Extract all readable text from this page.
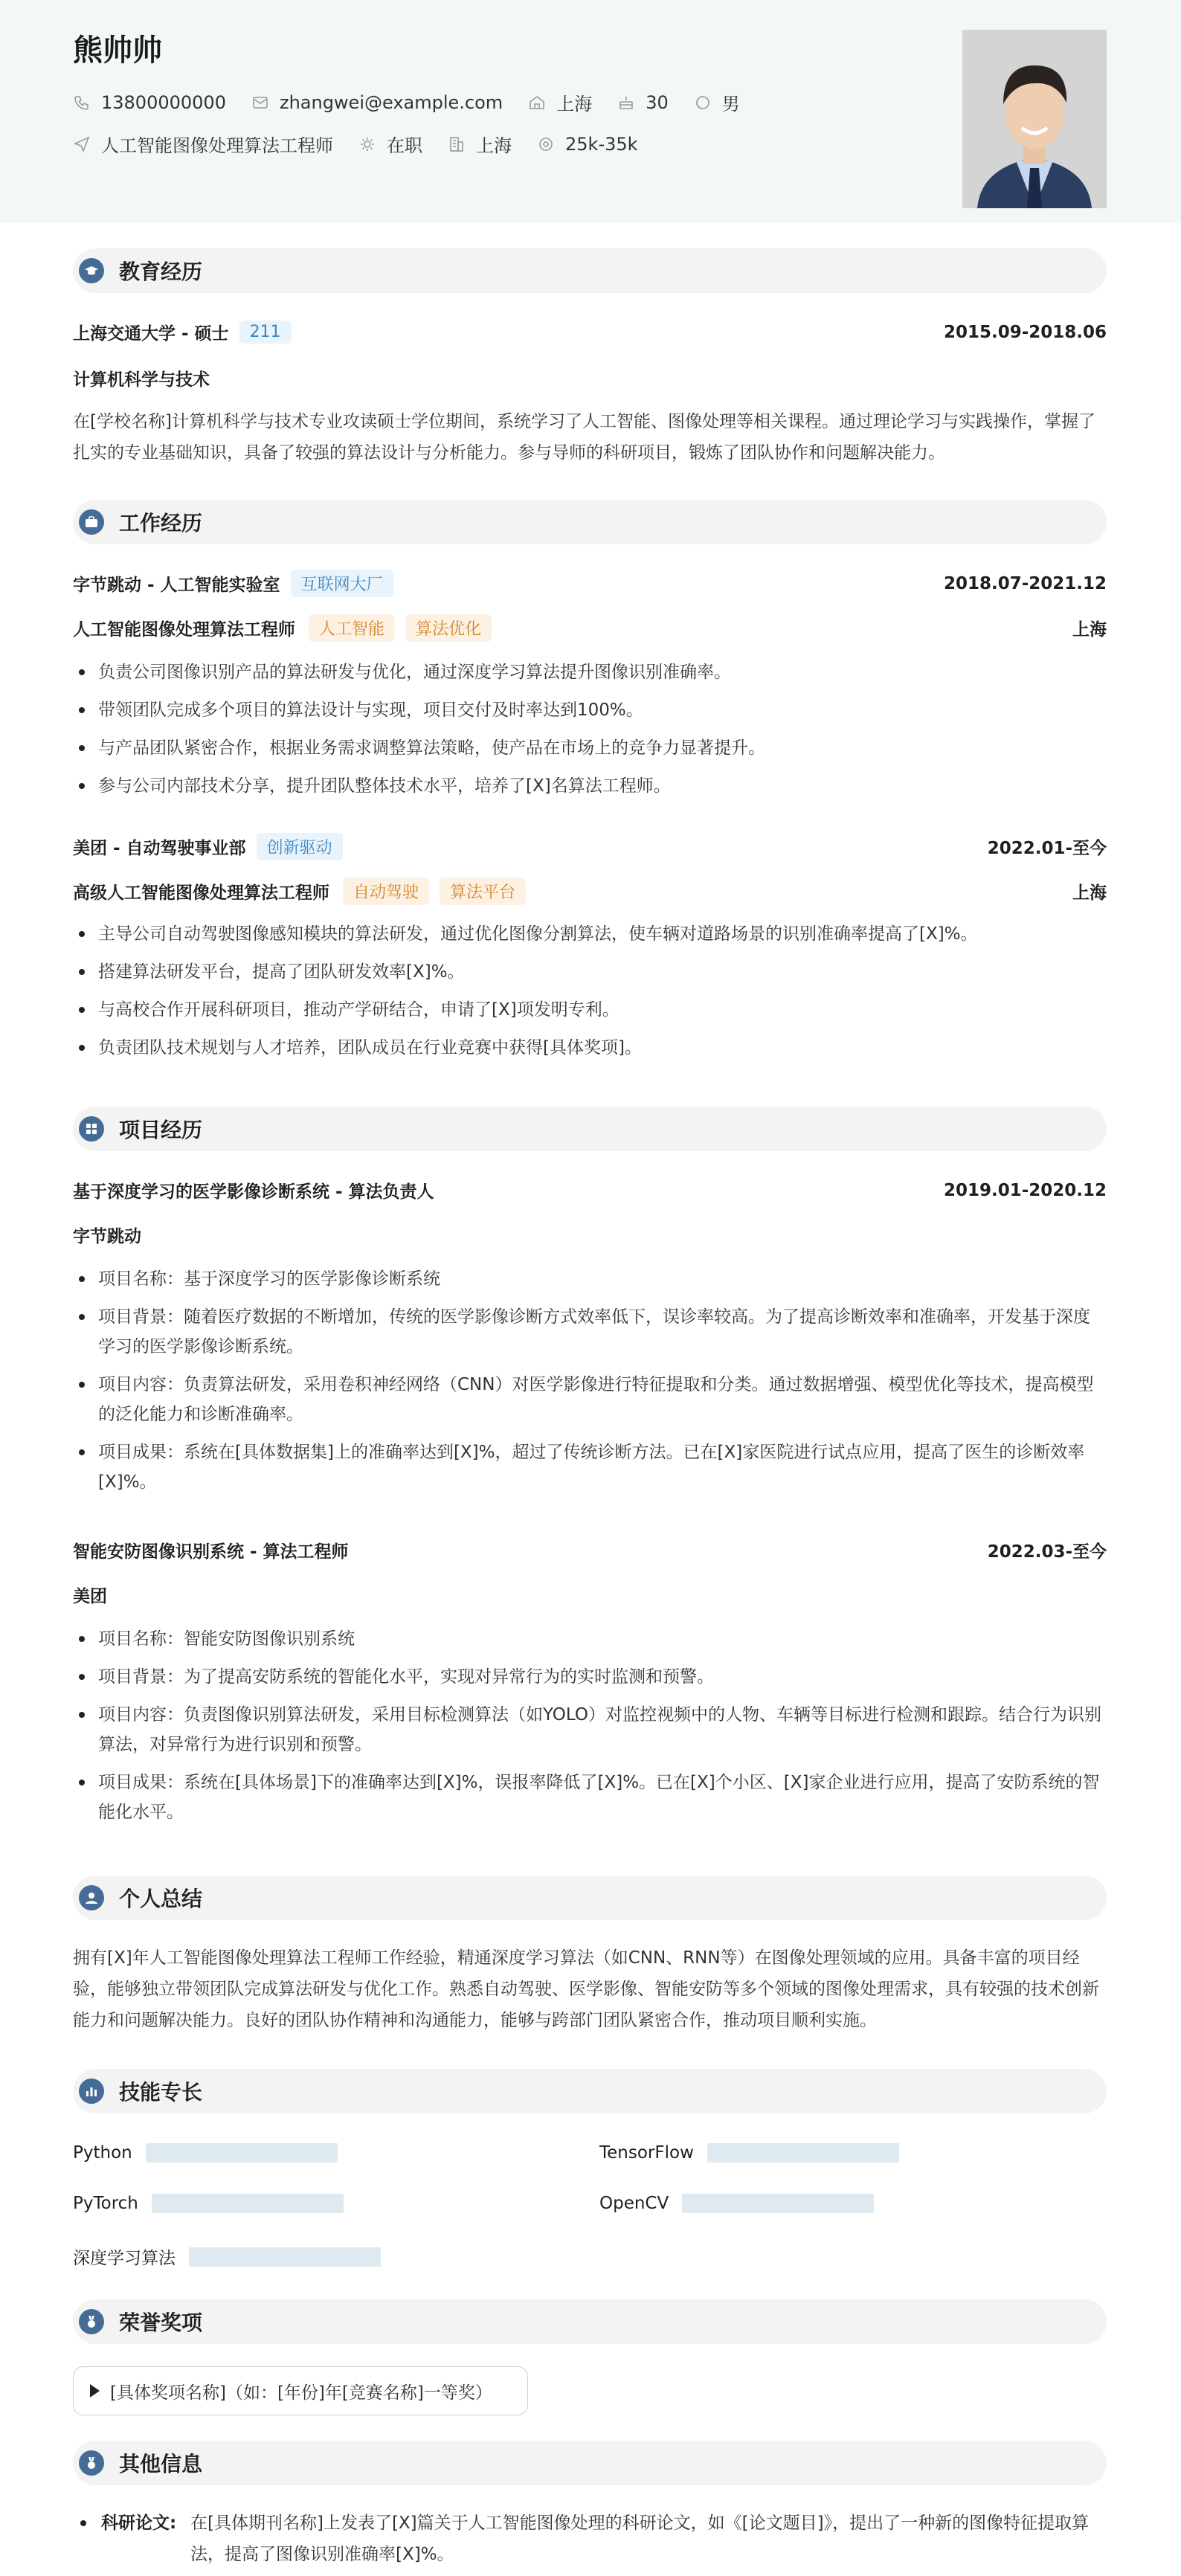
熊帅帅
13800000000	zhangwei@example.com	上海	30	男
人工智能图像处理算法工程师	在职	上海	25k-35k
教育经历
上海交通大学 - 硕士	211	2015.09-2018.06
计算机科学与技术
在[学校名称]计算机科学与技术专业攻读硕士学位期间，系统学习了人工智能、图像处理等相关课程。通过理论学习与实践操作，掌握了扎实的专业基础知识，具备了较强的算法设计与分析能力。参与导师的科研项目，锻炼了团队协作和问题解决能力。
工作经历
字节跳动 - 人工智能实验室	互联网大厂	2018.07-2021.12
人工智能图像处理算法工程师	人工智能	算法优化	上海
负责公司图像识别产品的算法研发与优化，通过深度学习算法提升图像识别准确率。
带领团队完成多个项目的算法设计与实现，项目交付及时率达到100%。
与产品团队紧密合作，根据业务需求调整算法策略，使产品在市场上的竞争力显著提升。
参与公司内部技术分享，提升团队整体技术水平，培养了[X]名算法工程师。
美团 - 自动驾驶事业部	创新驱动	2022.01-至今
高级人工智能图像处理算法工程师	自动驾驶	算法平台	上海
主导公司自动驾驶图像感知模块的算法研发，通过优化图像分割算法，使车辆对道路场景的识别准确率提高了[X]%。
搭建算法研发平台，提高了团队研发效率[X]%。
与高校合作开展科研项目，推动产学研结合，申请了[X]项发明专利。
负责团队技术规划与人才培养，团队成员在行业竞赛中获得[具体奖项]。
项目经历
基于深度学习的医学影像诊断系统 - 算法负责人	2019.01-2020.12
字节跳动
项目名称：基于深度学习的医学影像诊断系统
项目背景：随着医疗数据的不断增加，传统的医学影像诊断方式效率低下，误诊率较高。为了提高诊断效率和准确率，开发基于深度学习的医学影像诊断系统。
项目内容：负责算法研发，采用卷积神经网络（CNN）对医学影像进行特征提取和分类。通过数据增强、模型优化等技术，提高模型的泛化能力和诊断准确率。
项目成果：系统在[具体数据集]上的准确率达到[X]%，超过了传统诊断方法。已在[X]家医院进行试点应用，提高了医生的诊断效率[X]%。
智能安防图像识别系统 - 算法工程师	2022.03-至今
美团
项目名称：智能安防图像识别系统
项目背景：为了提高安防系统的智能化水平，实现对异常行为的实时监测和预警。
项目内容：负责图像识别算法研发，采用目标检测算法（如YOLO）对监控视频中的人物、车辆等目标进行检测和跟踪。结合行为识别算法，对异常行为进行识别和预警。
项目成果：系统在[具体场景]下的准确率达到[X]%，误报率降低了[X]%。已在[X]个小区、[X]家企业进行应用，提高了安防系统的智能化水平。
个人总结
拥有[X]年人工智能图像处理算法工程师工作经验，精通深度学习算法（如CNN、RNN等）在图像处理领域的应用。具备丰富的项目经验，能够独立带领团队完成算法研发与优化工作。熟悉自动驾驶、医学影像、智能安防等多个领域的图像处理需求，具有较强的技术创新能力和问题解决能力。良好的团队协作精神和沟通能力，能够与跨部门团队紧密合作，推动项目顺利实施。
技能专长
Python	TensorFlow
PyTorch	OpenCV
深度学习算法
荣誉奖项
[具体奖项名称]（如：[年份]年[竞赛名称]一等奖）
其他信息
科研论文: 在[具体期刊名称]上发表了[X]篇关于人工智能图像处理的科研论文，如《[论文题目]》，提出了一种新的图像特征提取算法，提高了图像识别准确率[X]%。
